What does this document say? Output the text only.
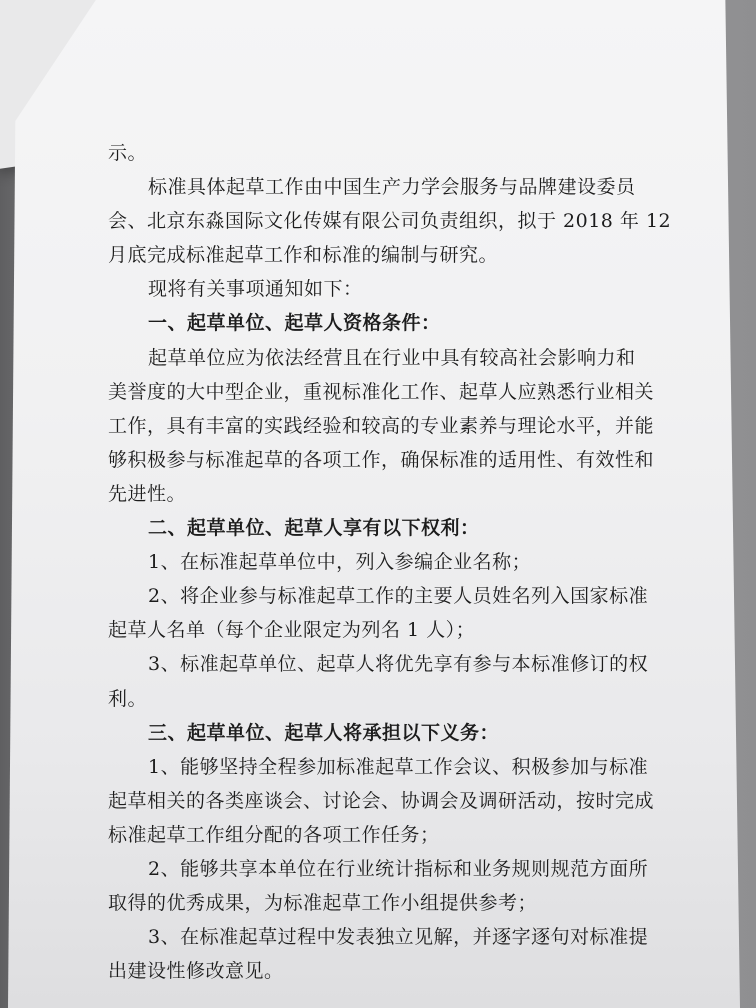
示。
标准具体起草工作由中国生产力学会服务与品牌建设委员
会、北京东淼国际文化传媒有限公司负责组织，拟于 2018 年 12
月底完成标准起草工作和标准的编制与研究。
现将有关事项通知如下：
一、起草单位、起草人资格条件：
起草单位应为依法经营且在行业中具有较高社会影响力和
美誉度的大中型企业，重视标准化工作、起草人应熟悉行业相关
工作，具有丰富的实践经验和较高的专业素养与理论水平，并能
够积极参与标准起草的各项工作，确保标准的适用性、有效性和
先进性。
二、起草单位、起草人享有以下权利：
1、在标准起草单位中，列入参编企业名称；
2、将企业参与标准起草工作的主要人员姓名列入国家标准
起草人名单（每个企业限定为列名 1 人）；
3、标准起草单位、起草人将优先享有参与本标准修订的权
利。
三、起草单位、起草人将承担以下义务：
1、能够坚持全程参加标准起草工作会议、积极参加与标准
起草相关的各类座谈会、讨论会、协调会及调研活动，按时完成
标准起草工作组分配的各项工作任务；
2、能够共享本单位在行业统计指标和业务规则规范方面所
取得的优秀成果，为标准起草工作小组提供参考；
3、在标准起草过程中发表独立见解，并逐字逐句对标准提
出建设性修改意见。
